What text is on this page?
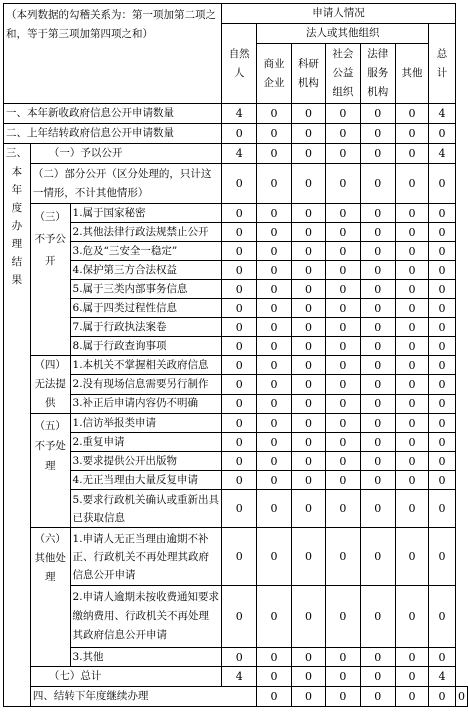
（本列数据的勾稽关系为：第一项加第二项之和，等于第三项加第四项之和）			申请人情况							
			自然人	法人或其他组织					总计	
				商业企业	科研机构	社会公益组织	法律服务机构	其他		
一、本年新收政府信息公开申请数量			4	0	0	0	0	0	4	
二、上年结转政府信息公开申请数量			0	0	0	0	0	0	0	

三、
本年度办理结果	（一）予以公开		4	0	0	0	0	0	4	
	（二）部分公开（区分处理的，只计这一情形，不计其他情形）		0	0	0	0	0	0	0	
	（三）不予公开	1.属于国家秘密	0	0	0	0	0	0	0	
		2.其他法律行政法规禁止公开	0	0	0	0	0	0	0	
		3.危及“三安全一稳定”	0	0	0	0	0	0	0	
		4.保护第三方合法权益	0	0	0	0	0	0	0	
		5.属于三类内部事务信息	0	0	0	0	0	0	0	
		6.属于四类过程性信息	0	0	0	0	0	0	0	
		7.属于行政执法案卷	0	0	0	0	0	0	0	
		8.属于行政查询事项	0	0	0	0	0	0	0	
	（四）无法提供	1.本机关不掌握相关政府信息	0	0	0	0	0	0	0	
		2.没有现场信息需要另行制作	0	0	0	0	0	0	0	
		3.补正后申请内容仍不明确	0	0	0	0	0	0	0	
	（五）不予处理	1.信访举报类申请	0	0	0	0	0	0	0	
		2.重复申请	0	0	0	0	0	0	0	
		3.要求提供公开出版物	0	0	0	0	0	0	0	
		4.无正当理由大量反复申请	0	0	0	0	0	0	0	
		5.要求行政机关确认或重新出具已获取信息	0	0	0	0	0	0	0	
	（六）其他处理	1.申请人无正当理由逾期不补正、行政机关不再处理其政府信息公开申请	0	0	0	0	0	0	0	
		2.申请人逾期未按收费通知要求缴纳费用、行政机关不再处理其政府信息公开申请	0	0	0	0	0	0	0	
		3.其他	0	0	0	0	0	0	0	
	（七）总计		4	0	0	0	0	0	4	
	四、结转下年度继续办理			0	0	0	0	0	0	0
